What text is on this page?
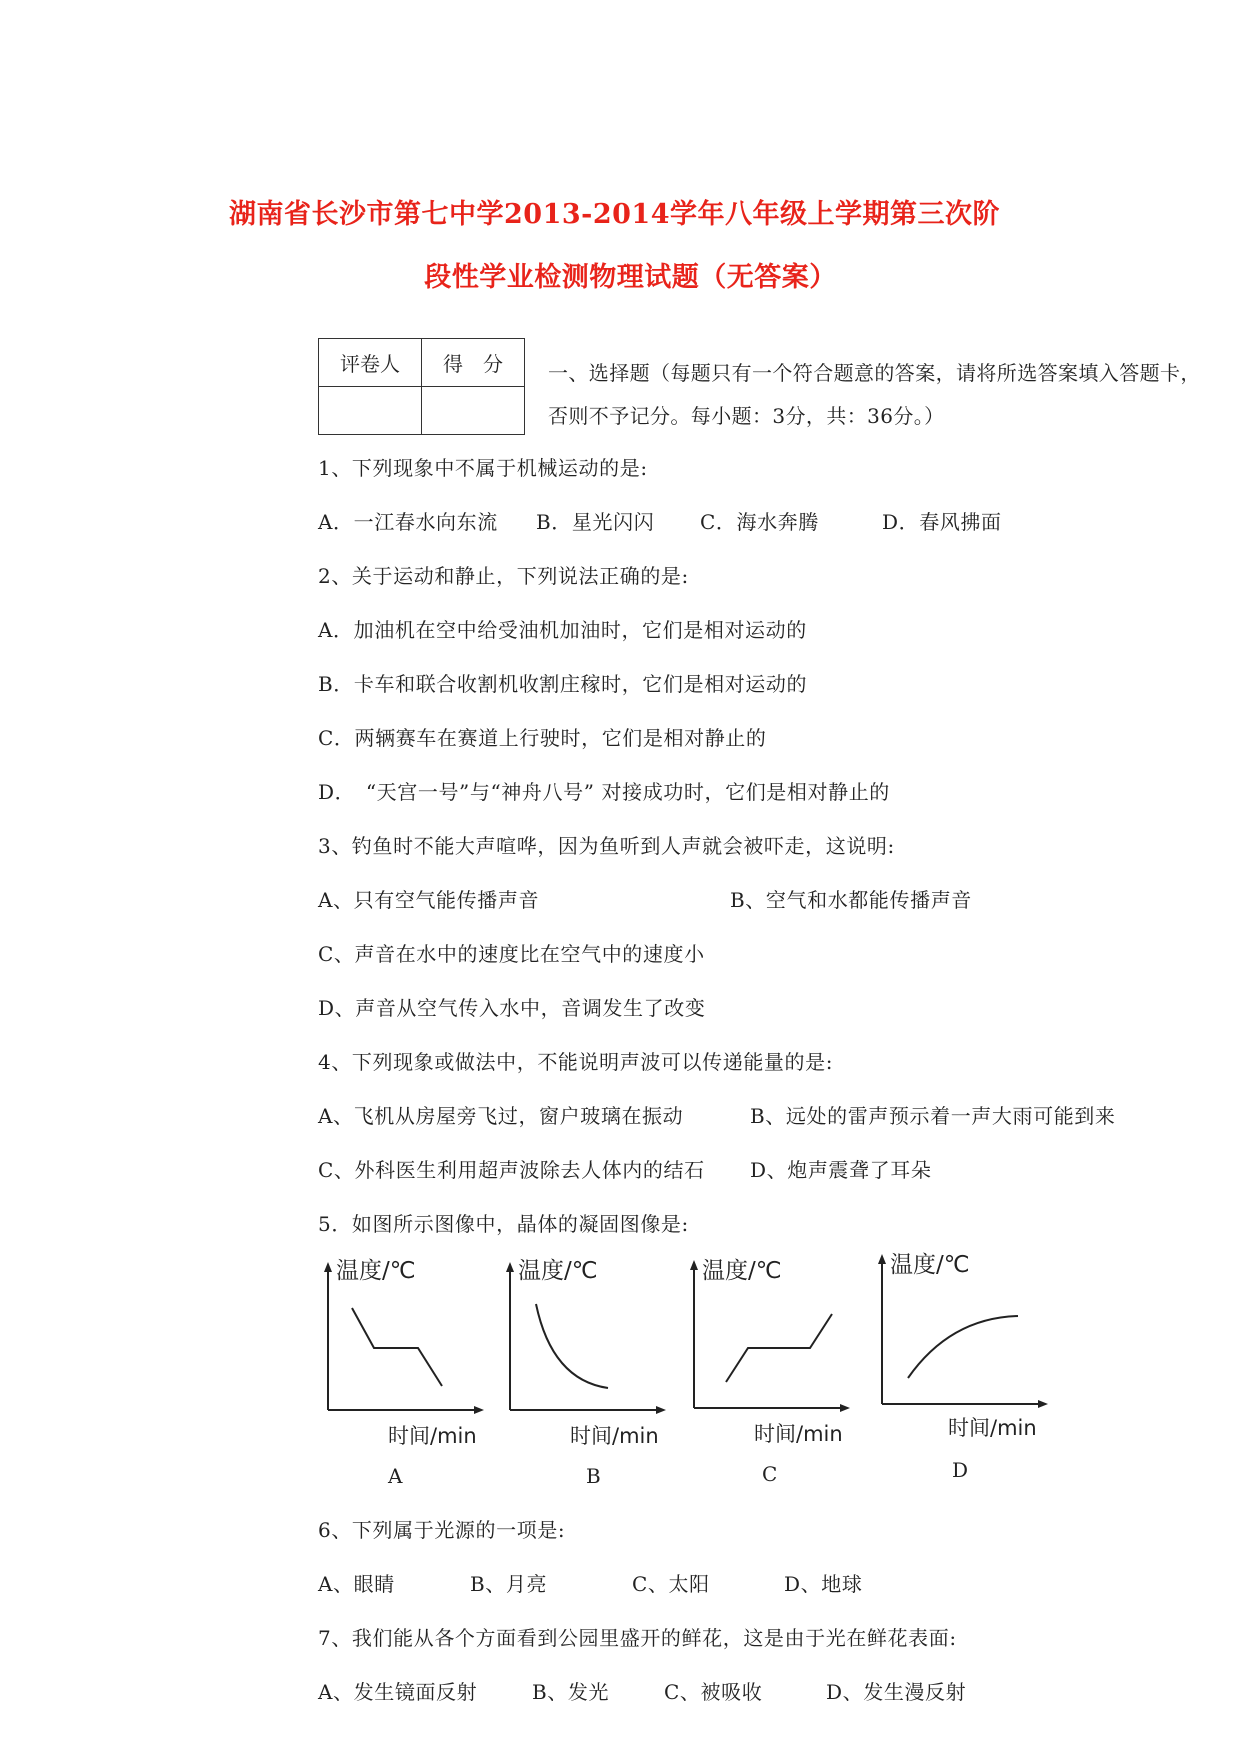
湖南省长沙市第七中学2013-2014学年八年级上学期第三次阶
段性学业检测物理试题（无答案）
评卷人	得　分
	一、选择题（每题只有一个符合题意的答案，请将所选答案填入答题卡，
否则不予记分。每小题：3分，共：36分。）
1、下列现象中不属于机械运动的是:
A．一江春水向东流 B．星光闪闪 C．海水奔腾	D．春风拂面
2、关于运动和静止，下列说法正确的是:
A．加油机在空中给受油机加油时，它们是相对运动的
B．卡车和联合收割机收割庄稼时，它们是相对运动的
C．两辆赛车在赛道上行驶时，它们是相对静止的
D．　“天宫一号”与“神舟八号” 对接成功时，它们是相对静止的
3、钓鱼时不能大声喧哗，因为鱼听到人声就会被吓走，这说明:
A、只有空气能传播声音	B、空气和水都能传播声音
C、声音在水中的速度比在空气中的速度小
D、声音从空气传入水中，音调发生了改变
4、下列现象或做法中，不能说明声波可以传递能量的是:
A、飞机从房屋旁飞过，窗户玻璃在振动	B、远处的雷声预示着一声大雨可能到来
C、外科医生利用超声波除去人体内的结石 D、炮声震聋了耳朵
5．如图所示图像中，晶体的凝固图像是:
温度/℃
时间/min
A
温度/℃
时间/min
B
温度/℃
时间/min
C
温度/℃
时间/min
D
6、下列属于光源的一项是:
A、眼睛	B、月亮	C、太阳	D、地球
7、我们能从各个方面看到公园里盛开的鲜花，这是由于光在鲜花表面:
A、发生镜面反射	B、发光	C、被吸收	D、发生漫反射
